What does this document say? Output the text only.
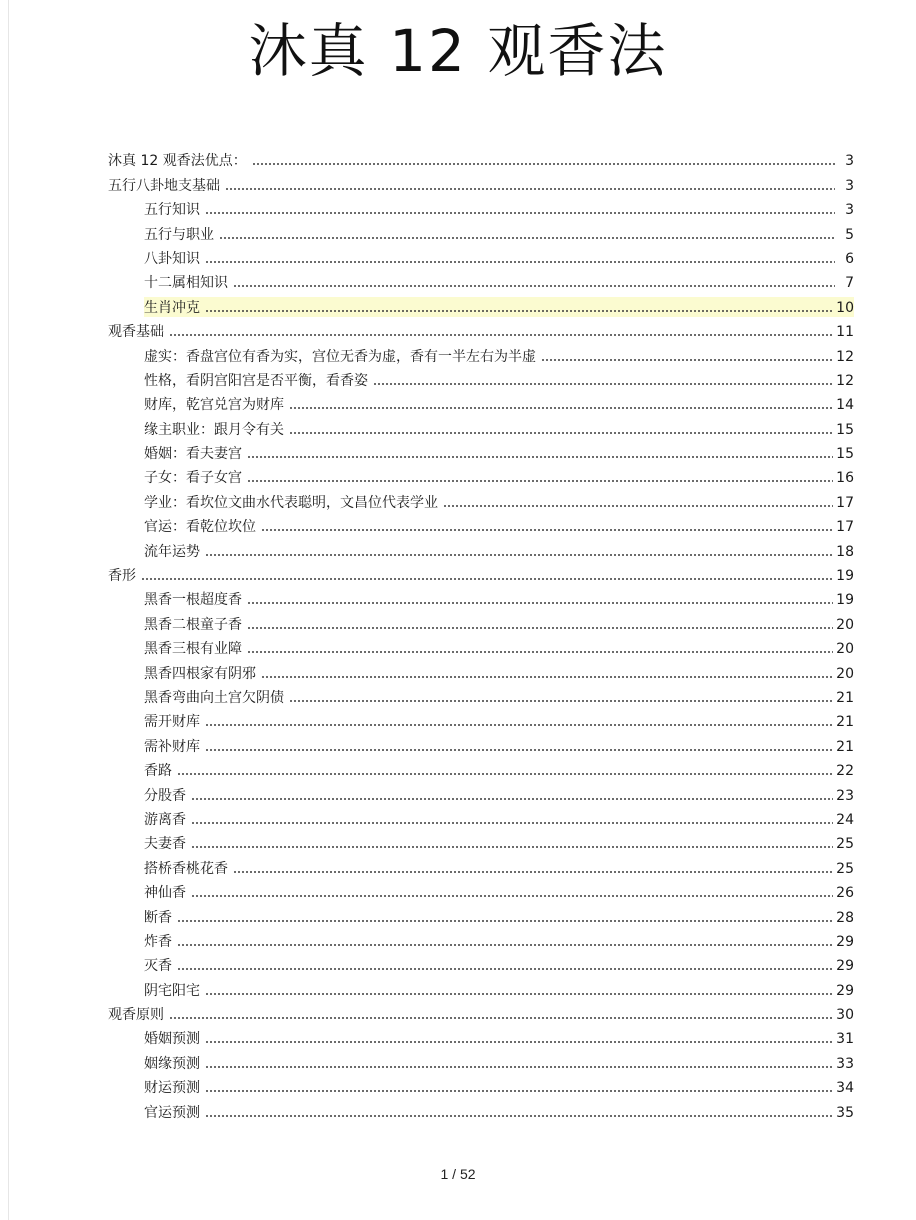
沐真 12 观香法
沐真 12 观香法优点：	3
五行八卦地支基础	3
五行知识	3
五行与职业	5
八卦知识	6
十二属相知识	7
生肖冲克	10
观香基础	11
虚实：香盘宫位有香为实，宫位无香为虚，香有一半左右为半虚	12
性格，看阴宫阳宫是否平衡，看香姿	12
财库，乾宫兑宫为财库	14
缘主职业：跟月令有关	15
婚姻：看夫妻宫	15
子女：看子女宫	16
学业：看坎位文曲水代表聪明，文昌位代表学业	17
官运：看乾位坎位	17
流年运势	18
香形	19
黑香一根超度香	19
黑香二根童子香	20
黑香三根有业障	20
黑香四根家有阴邪	20
黑香弯曲向土宫欠阴债	21
需开财库	21
需补财库	21
香路	22
分股香	23
游离香	24
夫妻香	25
搭桥香桃花香	25
神仙香	26
断香	28
炸香	29
灭香	29
阴宅阳宅	29
观香原则	30
婚姻预测	31
姻缘预测	33
财运预测	34
官运预测	35
1 / 52
